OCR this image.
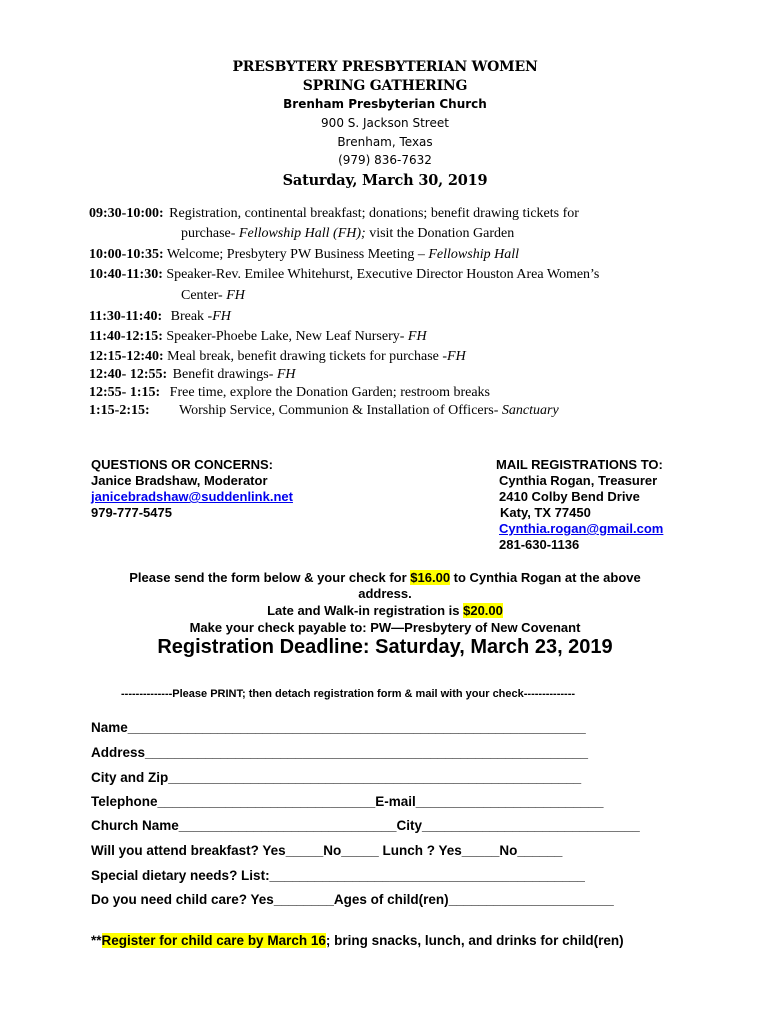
PRESBYTERY PRESBYTERIAN WOMEN
SPRING GATHERING
Brenham Presbyterian Church
900 S. Jackson Street
Brenham, Texas
(979) 836-7632
Saturday, March 30, 2019
09:30-10:00: Registration, continental breakfast; donations; benefit drawing tickets for
purchase- Fellowship Hall (FH); visit the Donation Garden
10:00-10:35: Welcome; Presbytery PW Business Meeting – Fellowship Hall
10:40-11:30: Speaker-Rev. Emilee Whitehurst, Executive Director Houston Area Women’s
Center- FH
11:30-11:40: Break -FH
11:40-12:15: Speaker-Phoebe Lake, New Leaf Nursery- FH
12:15-12:40: Meal break, benefit drawing tickets for purchase -FH
12:40- 12:55: Benefit drawings- FH
12:55- 1:15: Free time, explore the Donation Garden; restroom breaks
1:15-2:15: Worship Service, Communion & Installation of Officers- Sanctuary
QUESTIONS OR CONCERNS:
Janice Bradshaw, Moderator
janicebradshaw@suddenlink.net
979-777-5475
MAIL REGISTRATIONS TO:
Cynthia Rogan, Treasurer
2410 Colby Bend Drive
Katy, TX 77450
Cynthia.rogan@gmail.com
281-630-1136
Please send the form below & your check for $16.00 to Cynthia Rogan at the above
address.
Late and Walk-in registration is $20.00
Make your check payable to: PW—Presbytery of New Covenant
Registration Deadline: Saturday, March 23, 2019
--------------Please PRINT; then detach registration form & mail with your check--------------
Name_____________________________________________________________
Address___________________________________________________________
City and Zip_______________________________________________________
Telephone_____________________________E-mail_________________________
Church Name_____________________________City_____________________________
Will you attend breakfast? Yes_____No_____ Lunch ? Yes_____No______
Special dietary needs? List:__________________________________________
Do you need child care? Yes________Ages of child(ren)______________________
**Register for child care by March 16; bring snacks, lunch, and drinks for child(ren)
